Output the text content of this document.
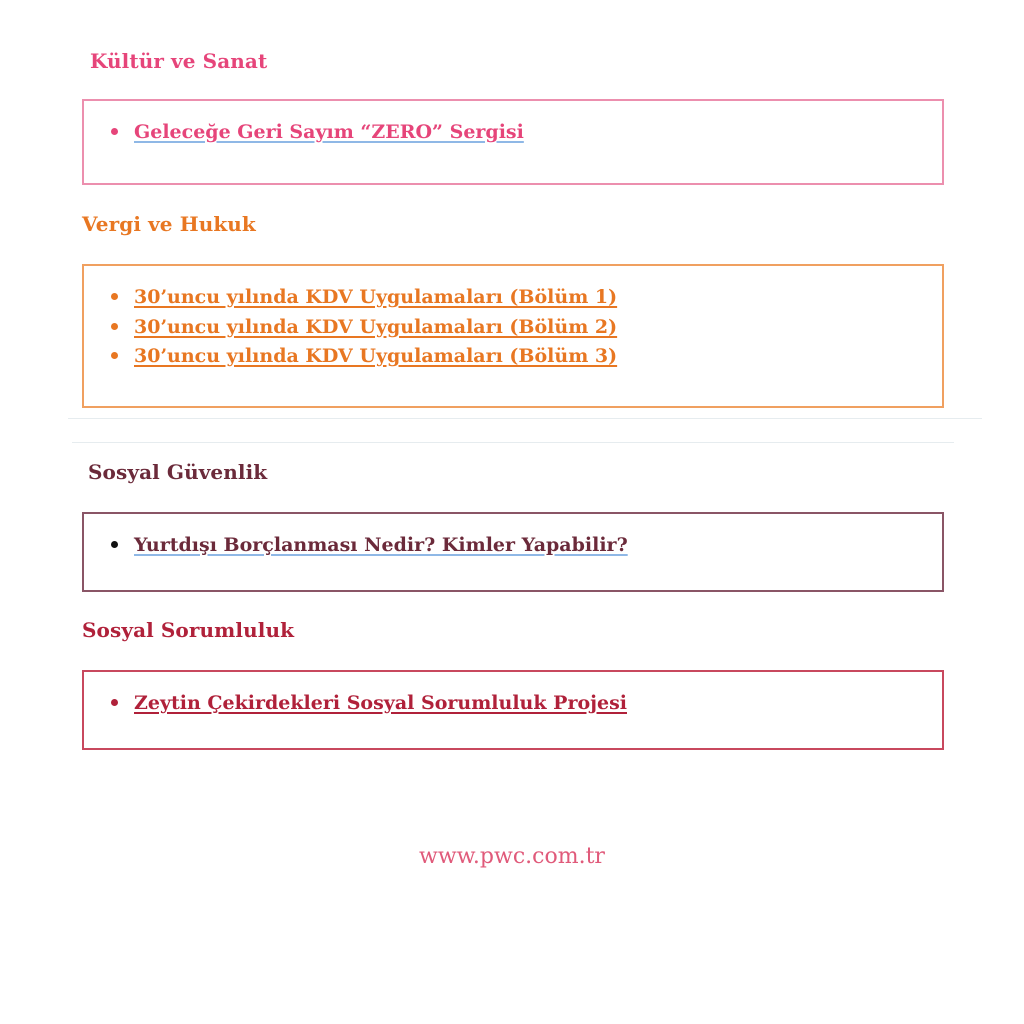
Kültür ve Sanat
Geleceğe Geri Sayım “ZERO” Sergisi
Vergi ve Hukuk
30’uncu yılında KDV Uygulamaları (Bölüm 1)
30’uncu yılında KDV Uygulamaları (Bölüm 2)
30’uncu yılında KDV Uygulamaları (Bölüm 3)
Sosyal Güvenlik
Yurtdışı Borçlanması Nedir? Kimler Yapabilir?
Sosyal Sorumluluk
Zeytin Çekirdekleri Sosyal Sorumluluk Projesi
www.pwc.com.tr
